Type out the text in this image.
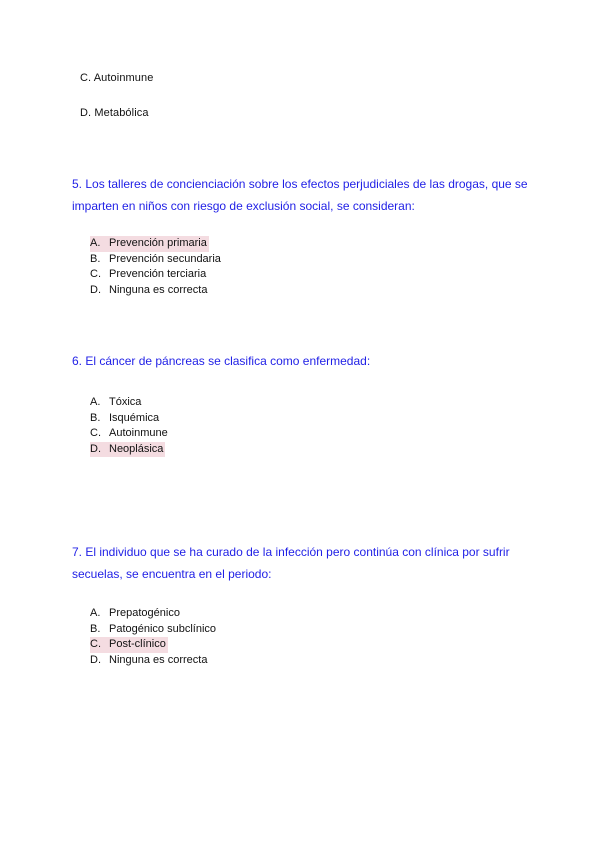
C. Autoinmune
D. Metabólica
5. Los talleres de concienciación sobre los efectos perjudiciales de las drogas, que se imparten en niños con riesgo de exclusión social, se consideran:
A. Prevención primaria
B. Prevención secundaria
C. Prevención terciaria
D. Ninguna es correcta
6. El cáncer de páncreas se clasifica como enfermedad:
A. Tóxica
B. Isquémica
C. Autoinmune
D. Neoplásica
7. El individuo que se ha curado de la infección pero continúa con clínica por sufrir secuelas, se encuentra en el periodo:
A. Prepatogénico
B. Patogénico subclínico
C. Post-clínico
D. Ninguna es correcta
